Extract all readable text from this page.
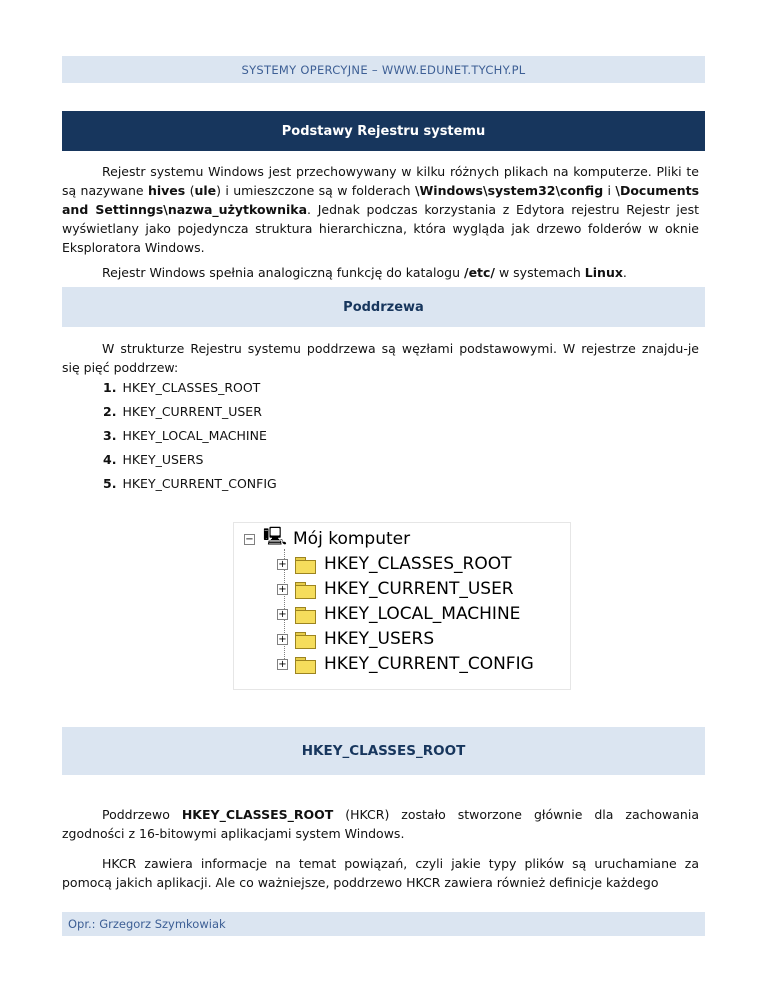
SYSTEMY OPERCYJNE – WWW.EDUNET.TYCHY.PL
Podstawy Rejestru systemu

Rejestr systemu Windows jest przechowywany w kilku różnych plikach na komputerze. Pliki te są nazywane hives (ule) i umieszczone są w folderach \Windows\system32\config i \Documents and Settinngs\nazwa_użytkownika. Jednak podczas korzystania z Edytora rejestru Rejestr jest wyświetlany jako pojedyncza struktura hierarchiczna, która wygląda jak drzewo folderów w oknie Eksploratora Windows.

Rejestr Windows spełnia analogiczną funkcję do katalogu /etc/ w systemach Linux.

Poddrzewa

W strukturze Rejestru systemu poddrzewa są węzłami podstawowymi. W rejestrze znajdu-je się pięć poddrzew:

1. HKEY_CLASSES_ROOT
2. HKEY_CURRENT_USER
3. HKEY_LOCAL_MACHINE
4. HKEY_USERS
5. HKEY_CURRENT_CONFIG
− 🖳 Mój komputer
+ HKEY_CLASSES_ROOT
+ HKEY_CURRENT_USER
+ HKEY_LOCAL_MACHINE
+ HKEY_USERS
+ HKEY_CURRENT_CONFIG
HKEY_CLASSES_ROOT

Poddrzewo HKEY_CLASSES_ROOT (HKCR) zostało stworzone głównie dla zachowania zgodności z 16-bitowymi aplikacjami system Windows.

HKCR zawiera informacje na temat powiązań, czyli jakie typy plików są uruchamiane za pomocą jakich aplikacji. Ale co ważniejsze, poddrzewo HKCR zawiera również definicje każdego

Opr.: Grzegorz Szymkowiak
